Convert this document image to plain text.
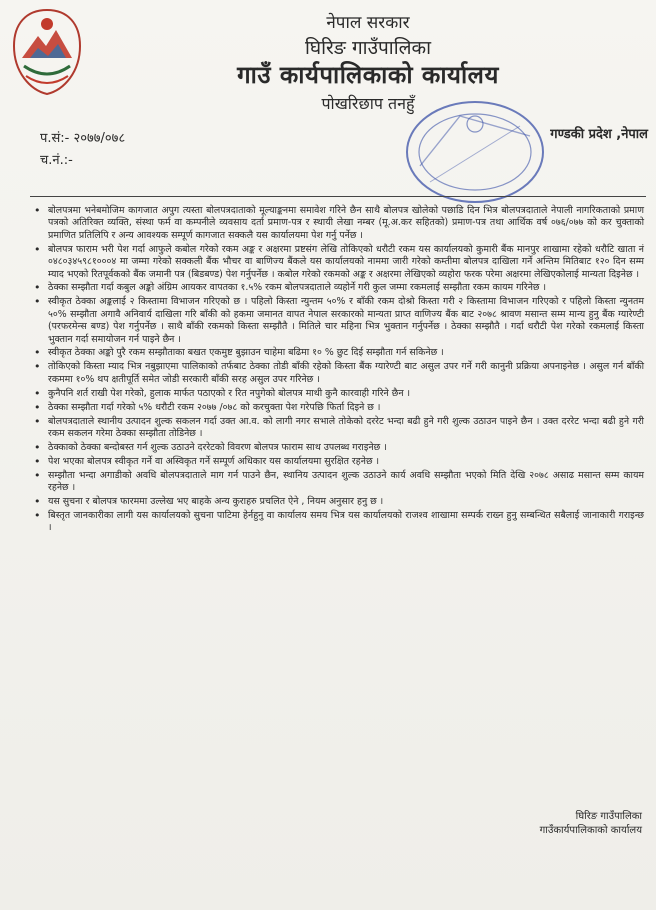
नेपाल सरकार
घिरिङ गाउँपालिका
गाउँ कार्यपालिकाको कार्यालय
पोखरिछाप तनहुँ
प.सं:- २०७७/०७८
च.नं.:-
गण्डकी प्रदेश ,नेपाल
• बोलपत्रमा भनेबमोजिम कागजात अपुग त्यस्ता बोलपत्रदाताको मूल्याङ्कनमा समावेश गरिने छैन साथै बोलपत्र खोलेको पछाडि दिन भित्र बोलपत्रदाताले नेपाली नागरिकताको प्रमाण पत्रको अतिरिक्त व्यक्ति, संस्था फर्म वा कम्पनीले व्यवसाय दर्ता प्रमाण-पत्र र स्थायी लेखा नम्बर (मू.अ.कर सहितको) प्रमाण-पत्र तथा आर्थिक वर्ष ०७६/०७७ को कर चुक्ताको प्रमाणित प्रतिलिपि र अन्य आवश्यक सम्पूर्ण कागजात सक्कलै यस कार्यालयमा पेश गर्नु पर्नेछ ।
• बोलपत्र फाराम भरी पेश गर्दा आफुले कबोल गरेको रकम अङ्क र अक्षरमा प्रष्टसंग लेखि तोकिएको धरौटी रकम यस कार्यालयको कुमारी बैंक मानपुर शाखामा रहेको धरौटि खाता नं ०४८०३४५९८१०००४ मा जम्मा गरेको सक्कली बैंक भौचर वा बाणिज्य बैंकले यस कार्यालयको नाममा जारी गरेको कम्तीमा बोलपत्र दाखिला गर्ने अन्तिम मितिबाट १२० दिन सम्म म्याद भएको रितपूर्वकको बैंक जमानी पत्र (बिडबण्ड) पेश गर्नुपर्नेछ । कबोल गरेको रकमको अङ्क र अक्षरमा लेखिएको व्यहोरा फरक परेमा अक्षरमा लेखिएकोलाई मान्यता दिइनेछ ।
• ठेक्का सम्झौता गर्दा कबुल अङ्को अंग्रिम आयकर वापतका १.५% रकम बोलपत्रदाताले व्यहोर्ने गरी कुल जम्मा रकमलाई सम्झौता रकम कायम गरिनेछ ।
• स्वीकृत ठेक्का अङ्कलाई २ किस्तामा विभाजन गरिएको छ । पहिलो किस्ता न्युन्तम ५०% र बाँकी रकम दोश्रो किस्ता गरी २ किस्तामा विभाजन गरिएको र पहिलो किस्ता न्युनतम ५०% सम्झौता अगावै अनिवार्य दाखिला गरि बाँकी को हकमा जमानत वापत नेपाल सरकारको मान्यता प्राप्त वाणिज्य बैंक बाट २०७८ श्रावण मसान्त सम्म मान्य हुनु बैंक ग्यारेण्टी (परफरमेन्स बण्ड) पेश गर्नुपर्नेछ । साथै बाँकी रकमको किस्ता सम्झौतै । मितिले चार महिना भित्र भुक्तान गर्नुपर्नेछ । ठेक्का सम्झौतै । गर्दा धरौटी पेश गरेको रकमलाई किस्ता भुक्तान गर्दा समायोजन गर्न पाइने छैन ।
• स्वीकृत ठेक्का अङ्को पुरै रकम सम्झौताका बखत एकमुष्ट बुझाउन चाहेमा बढिमा १० % छुट दिई सम्झौता गर्न सकिनेछ ।
• तोकिएको किस्ता म्याद भित्र नबुझाएमा पालिकाको तर्फबाट ठेक्का तोडी बाँकी रहेको किस्ता बैंक ग्यारेण्टी बाट असुल उपर गर्ने गरी कानुनी प्रक्रिया अपनाइनेछ । असुल गर्न बाँकी रकममा १०% थप क्षतीपूर्ति समेत जोडी सरकारी बाँकी सरह असुल उपर गरिनेछ ।
• कुनैपनि शर्त राखी पेश गरेको, हुलाक मार्फत पठाएको र रित नपुगेको बोलपत्र माथी कुनै कारवाही गरिने छैन ।
• ठेक्का सम्झौता गर्दा गरेको ५% धरौटी रकम २०७७ /०७८ को करचुक्ता पेश गरेपछि फिर्ता दिइने छ ।
• बोलपत्रदाताले स्थानीय उत्पादन शुल्क सकलन गर्दा उक्त आ.व. को लागी नगर सभाले तोकेको दररेट भन्दा बढी हुने गरी शुल्क उठाउन पाइने छैन । उक्त दररेट भन्दा बढी हुने गरी रकम सकलन गरेमा ठेक्का सम्झौता तोडिनेछ ।
• ठेक्काको ठेक्का बन्दोबस्त गर्न शुल्क उठाउने दररेटको विवरण बोलपत्र फाराम साथ उपलब्ध गराइनेछ ।
• पेश भएका बोलपत्र स्वीकृत गर्ने वा अस्विकृत गर्ने सम्पूर्ण अधिकार यस कार्यालयमा सुरक्षित रहनेछ ।
• सम्झौता भन्दा अगाडीको अवधि बोलपत्रदाताले माग गर्न पाउने छैन, स्थानिय उत्पादन शुल्क उठाउने कार्य अवधि सम्झौता भएको मिति देखि २०७८ असाढ मसान्त सम्म कायम रहनेछ ।
• यस सुचना र बोलपत्र फारममा उल्लेख भए बाहके अन्य कुराहरु प्रचलित ऐने , नियम अनुसार हनु छ ।
• बिस्तृत जानकारीका लागी यस कार्यालयको सुचना पाटिमा हेर्नहुनु वा कार्यालय समय भित्र यस कार्यालयको राजश्व शाखामा सम्पर्क राख्न हुनु सम्बन्धित सबैलाई जानाकारी गराइन्छ ।
घिरिङ गाउँपालिका
गाउँकार्यपालिकाको कार्यालय
